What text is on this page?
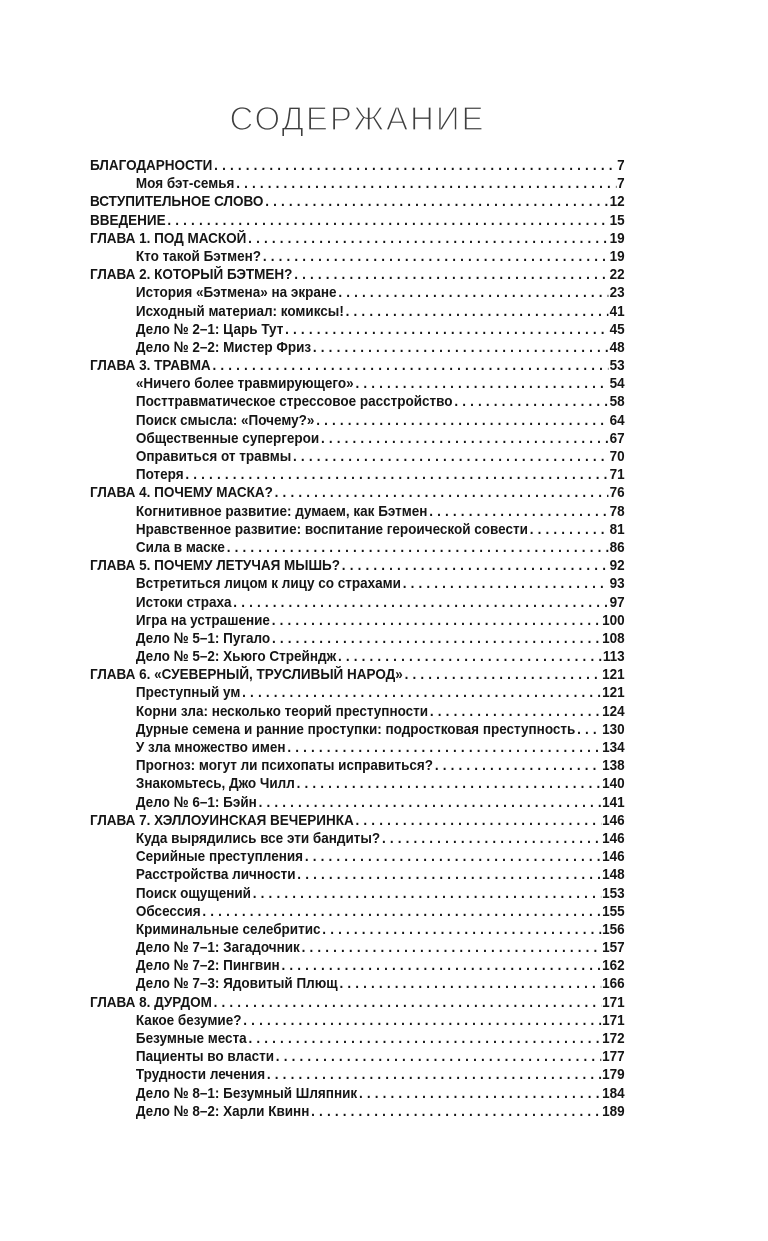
СОДЕРЖАНИЕ
БЛАГОДАРНОСТИ .....	7
Моя бэт-семья .....	7
ВСТУПИТЕЛЬНОЕ СЛОВО .....	12
ВВЕДЕНИЕ .....	15
ГЛАВА 1. ПОД МАСКОЙ .....	19
Кто такой Бэтмен? .....	19
ГЛАВА 2. КОТОРЫЙ БЭТМЕН? .....	22
История «Бэтмена» на экране .....	23
Исходный материал: комиксы! .....	41
Дело № 2–1: Царь Тут .....	45
Дело № 2–2: Мистер Фриз .....	48
ГЛАВА 3. ТРАВМА .....	53
«Ничего более травмирующего» .....	54
Посттравматическое стрессовое расстройство .....	58
Поиск смысла: «Почему?» .....	64
Общественные супергерои .....	67
Оправиться от травмы .....	70
Потеря .....	71
ГЛАВА 4. ПОЧЕМУ МАСКА? .....	76
Когнитивное развитие: думаем, как Бэтмен .....	78
Нравственное развитие: воспитание героической совести .....	81
Сила в маске .....	86
ГЛАВА 5. ПОЧЕМУ ЛЕТУЧАЯ МЫШЬ? .....	92
Встретиться лицом к лицу со страхами .....	93
Истоки страха .....	97
Игра на устрашение .....	100
Дело № 5–1: Пугало .....	108
Дело № 5–2: Хьюго Стрейндж .....	113
ГЛАВА 6. «СУЕВЕРНЫЙ, ТРУСЛИВЫЙ НАРОД» .....	121
Преступный ум .....	121
Корни зла: несколько теорий преступности .....	124
Дурные семена и ранние проступки: подростковая преступность ..... 130
У зла множество имен .....	134
Прогноз: могут ли психопаты исправиться? .....	138
Знакомьтесь, Джо Чилл .....	140
Дело № 6–1: Бэйн .....	141
ГЛАВА 7. ХЭЛЛОУИНСКАЯ ВЕЧЕРИНКА .....	146
Куда вырядились все эти бандиты? .....	146
Серийные преступления .....	146
Расстройства личности .....	148
Поиск ощущений .....	153
Обсессия .....	155
Криминальные селебритис .....	156
Дело № 7–1: Загадочник .....	157
Дело № 7–2: Пингвин .....	162
Дело № 7–3: Ядовитый Плющ .....	166
ГЛАВА 8. ДУРДОМ .....	171
Какое безумие? .....	171
Безумные места .....	172
Пациенты во власти .....	177
Трудности лечения .....	179
Дело № 8–1: Безумный Шляпник .....	184
Дело № 8–2: Харли Квинн .....	189
